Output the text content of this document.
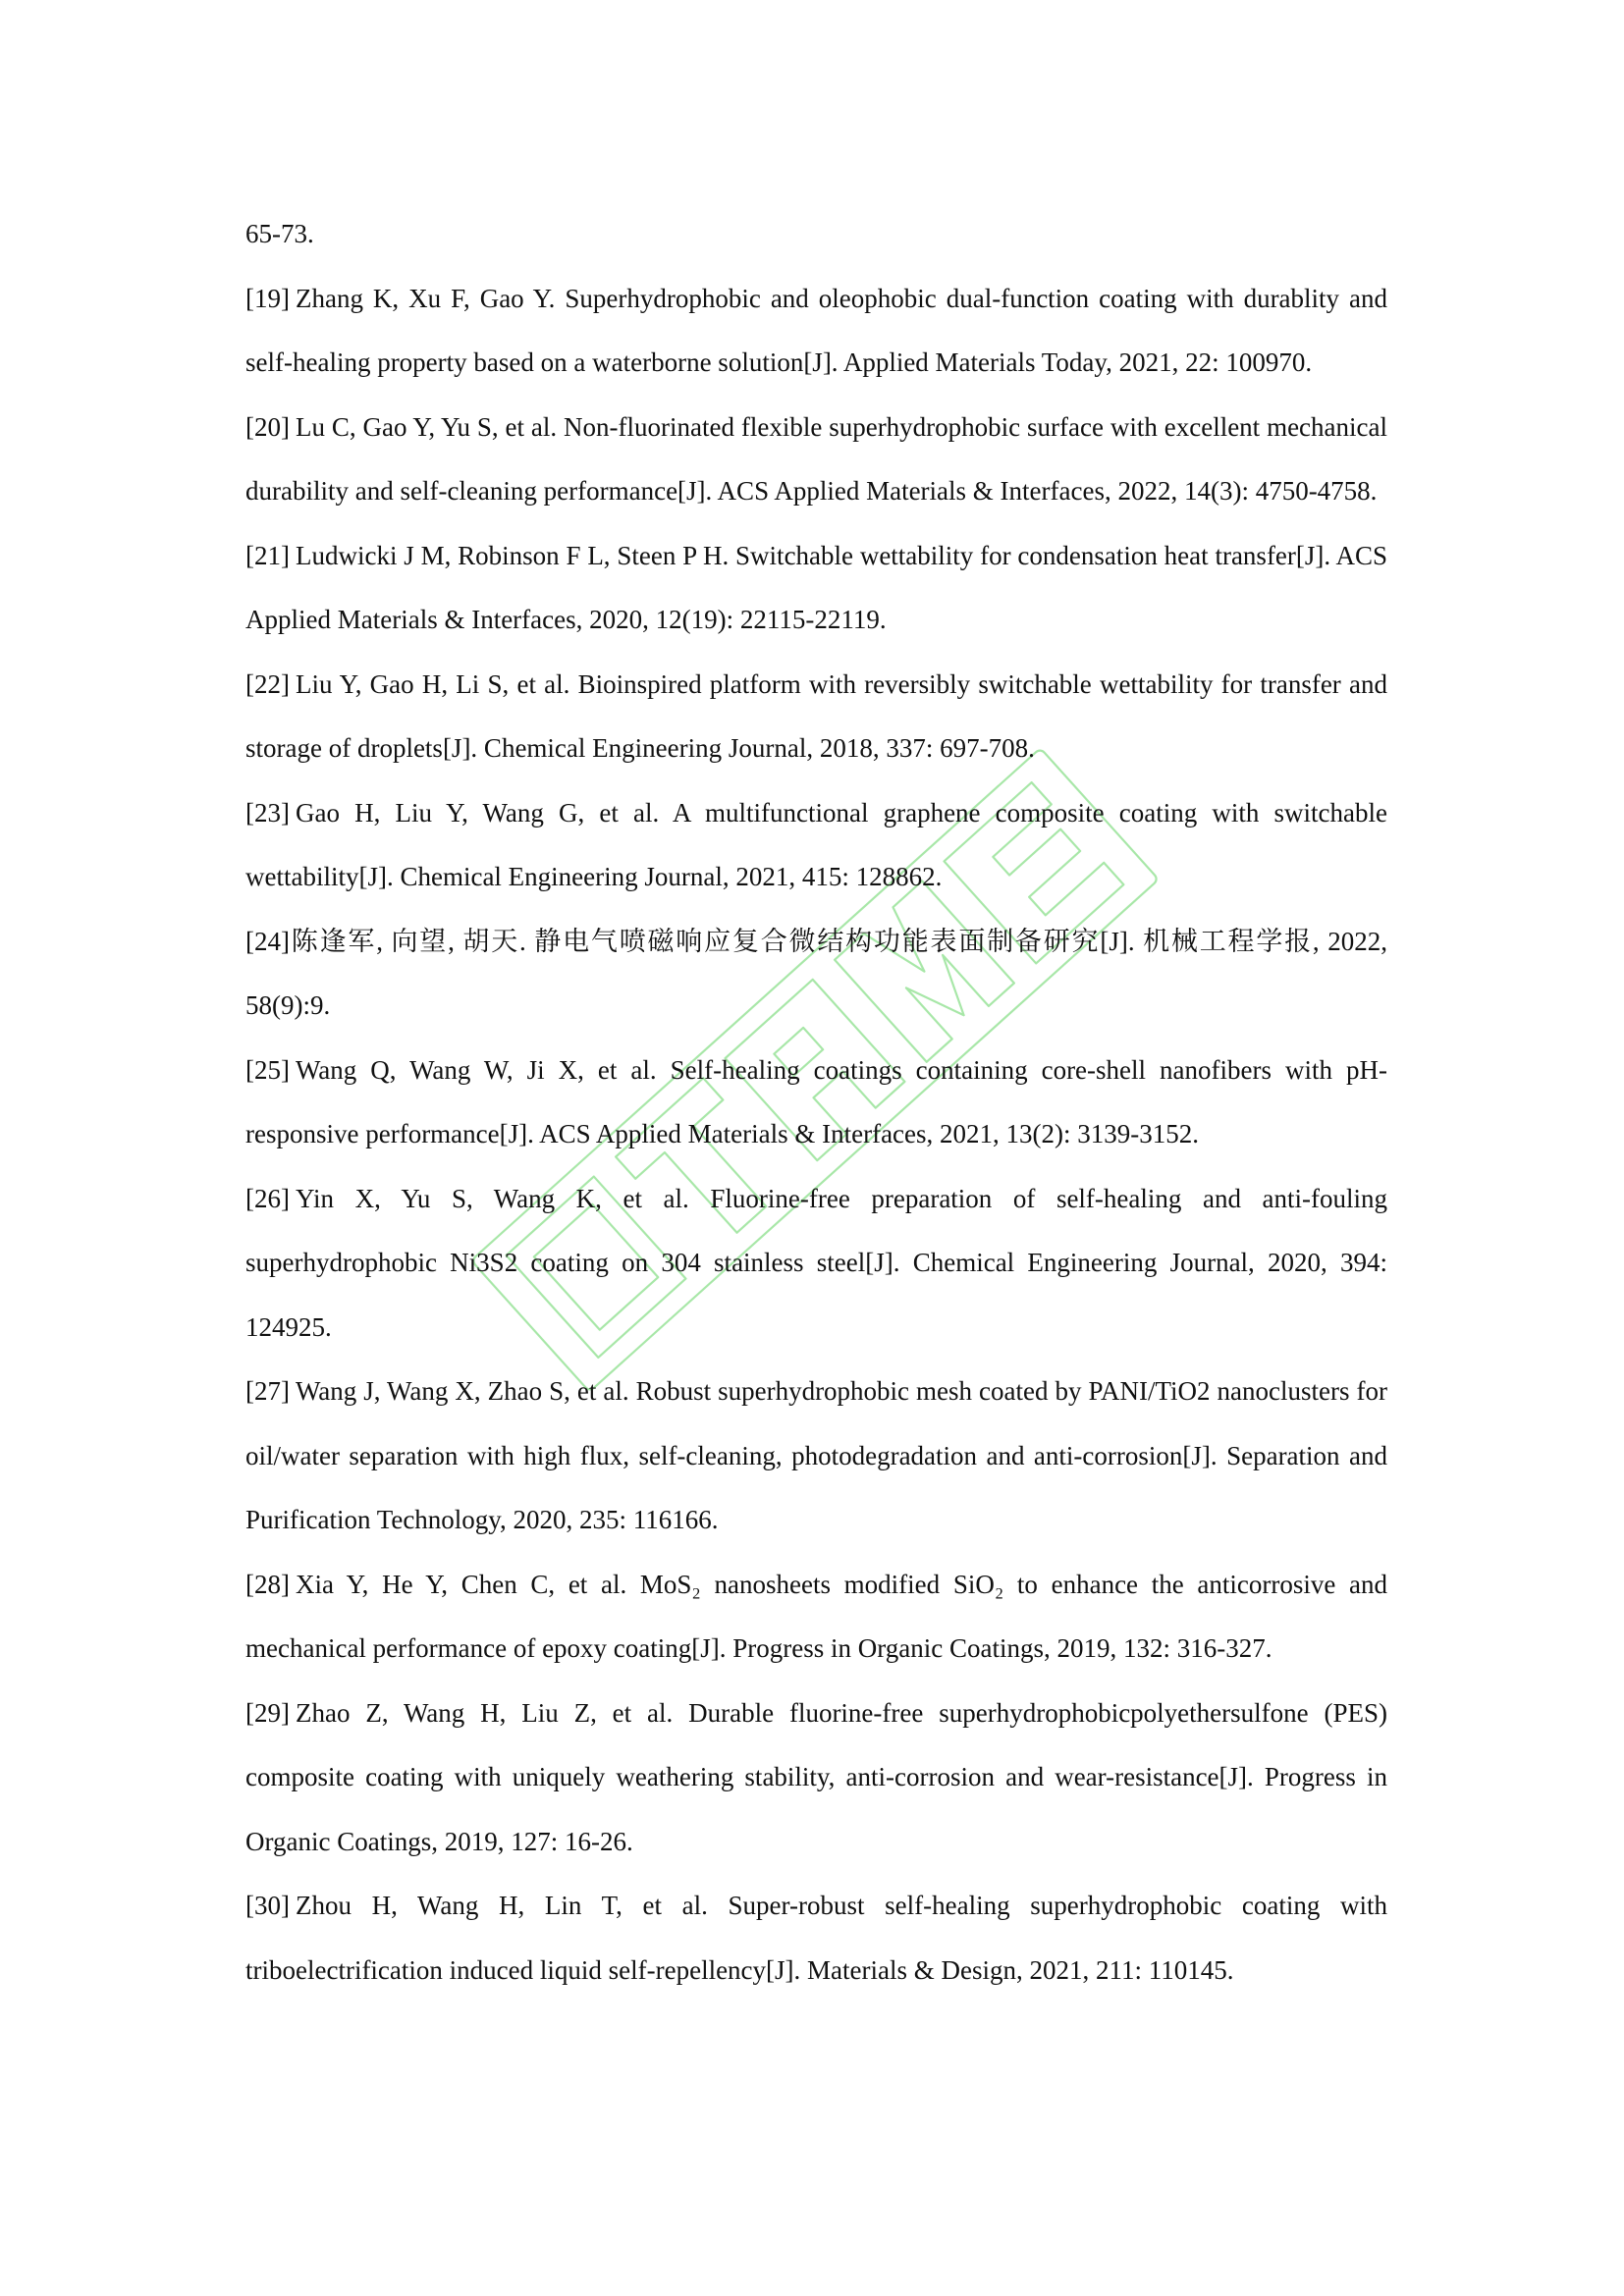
65-73.

[19] Zhang K, Xu F, Gao Y. Superhydrophobic and oleophobic dual-function coating with durablity and self-healing property based on a waterborne solution[J]. Applied Materials Today, 2021, 22: 100970.

[20] Lu C, Gao Y, Yu S, et al. Non-fluorinated flexible superhydrophobic surface with excellent mechanical durability and self-cleaning performance[J]. ACS Applied Materials & Interfaces, 2022, 14(3): 4750-4758.

[21] Ludwicki J M, Robinson F L, Steen P H. Switchable wettability for condensation heat transfer[J]. ACS Applied Materials & Interfaces, 2020, 12(19): 22115-22119.

[22] Liu Y, Gao H, Li S, et al. Bioinspired platform with reversibly switchable wettability for transfer and storage of droplets[J]. Chemical Engineering Journal, 2018, 337: 697-708.

[23] Gao H, Liu Y, Wang G, et al. A multifunctional graphene composite coating with switchable wettability[J]. Chemical Engineering Journal, 2021, 415: 128862.

[24]陈逢军, 向望, 胡天. 静电气喷磁响应复合微结构功能表面制备研究[J]. 机械工程学报, 2022, 58(9):9.

[25] Wang Q, Wang W, Ji X, et al. Self-healing coatings containing core‐shell nanofibers with pH-responsive performance[J]. ACS Applied Materials & Interfaces, 2021, 13(2): 3139-3152.

[26] Yin X, Yu S, Wang K, et al. Fluorine-free preparation of self-healing and anti-fouling superhydrophobic Ni3S2 coating on 304 stainless steel[J]. Chemical Engineering Journal, 2020, 394: 124925.

[27] Wang J, Wang X, Zhao S, et al. Robust superhydrophobic mesh coated by PANI/TiO2 nanoclusters for oil/water separation with high flux, self-cleaning, photodegradation and anti-corrosion[J]. Separation and Purification Technology, 2020, 235: 116166.

[28] Xia Y, He Y, Chen C, et al. MoS₂ nanosheets modified SiO₂ to enhance the anticorrosive and mechanical performance of epoxy coating[J]. Progress in Organic Coatings, 2019, 132: 316-327.

[29] Zhao Z, Wang H, Liu Z, et al. Durable fluorine-free superhydrophobicpolyethersulfone (PES) composite coating with uniquely weathering stability, anti-corrosion and wear-resistance[J]. Progress in Organic Coatings, 2019, 127: 16-26.

[30] Zhou H, Wang H, Lin T, et al. Super-robust self-healing superhydrophobic coating with triboelectrification induced liquid self-repellency[J]. Materials & Design, 2021, 211: 110145.
